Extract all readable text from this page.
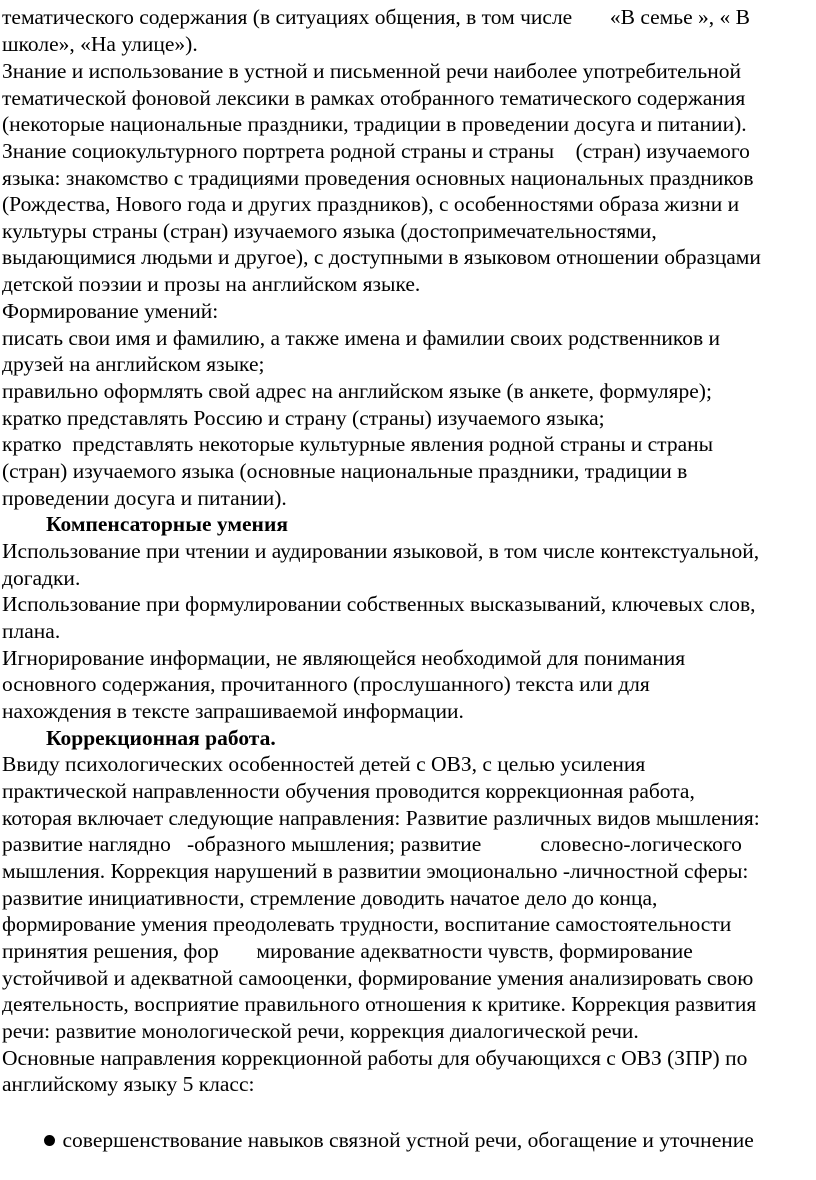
тематического содержания (в ситуациях общения, в том числе       «В семье », « В
школе», «На улице»).
Знание и использование в устной и письменной речи наиболее употребительной
тематической фоновой лексики в рамках отобранного тематического содержания
(некоторые национальные праздники, традиции в проведении досуга и питании).
Знание социокультурного портрета родной страны и страны    (стран) изучаемого
языка: знакомство с традициями проведения основных национальных праздников
(Рождества, Нового года и других праздников), с особенностями образа жизни и
культуры страны (стран) изучаемого языка (достопримечательностями,
выдающимися людьми и другое), с доступными в языковом отношении образцами
детской поэзии и прозы на английском языке.
Формирование умений:
писать свои имя и фамилию, а также имена и фамилии своих родственников и
друзей на английском языке;
правильно оформлять свой адрес на английском языке (в анкете, формуляре);
кратко представлять Россию и страну (страны) изучаемого языка;
кратко  представлять некоторые культурные явления родной страны и страны
(стран) изучаемого языка (основные национальные праздники, традиции в
проведении досуга и питании).
Компенсаторные умения
Использование при чтении и аудировании языковой, в том числе контекстуальной,
догадки.
Использование при формулировании собственных высказываний, ключевых слов,
плана.
Игнорирование информации, не являющейся необходимой для понимания
основного содержания, прочитанного (прослушанного) текста или для
нахождения в тексте запрашиваемой информации.
Коррекционная работа.
Ввиду психологических особенностей детей с ОВЗ, с целью усиления
практической направленности обучения проводится коррекционная работа,
которая включает следующие направления: Развитие различных видов мышления:
развитие наглядно   -образного мышления; развитие           словесно-логического
мышления. Коррекция нарушений в развитии эмоционально -личностной сферы:
развитие инициативности, стремление доводить начатое дело до конца,
формирование умения преодолевать трудности, воспитание самостоятельности
принятия решения, фор       мирование адекватности чувств, формирование
устойчивой и адекватной самооценки, формирование умения анализировать свою
деятельность, восприятие правильного отношения к критике. Коррекция развития
речи: развитие монологической речи, коррекция диалогической речи.
Основные направления коррекционной работы для обучающихся с ОВЗ (ЗПР) по
английскому языку 5 класс:

совершенствование навыков связной устной речи, обогащение и уточнение
